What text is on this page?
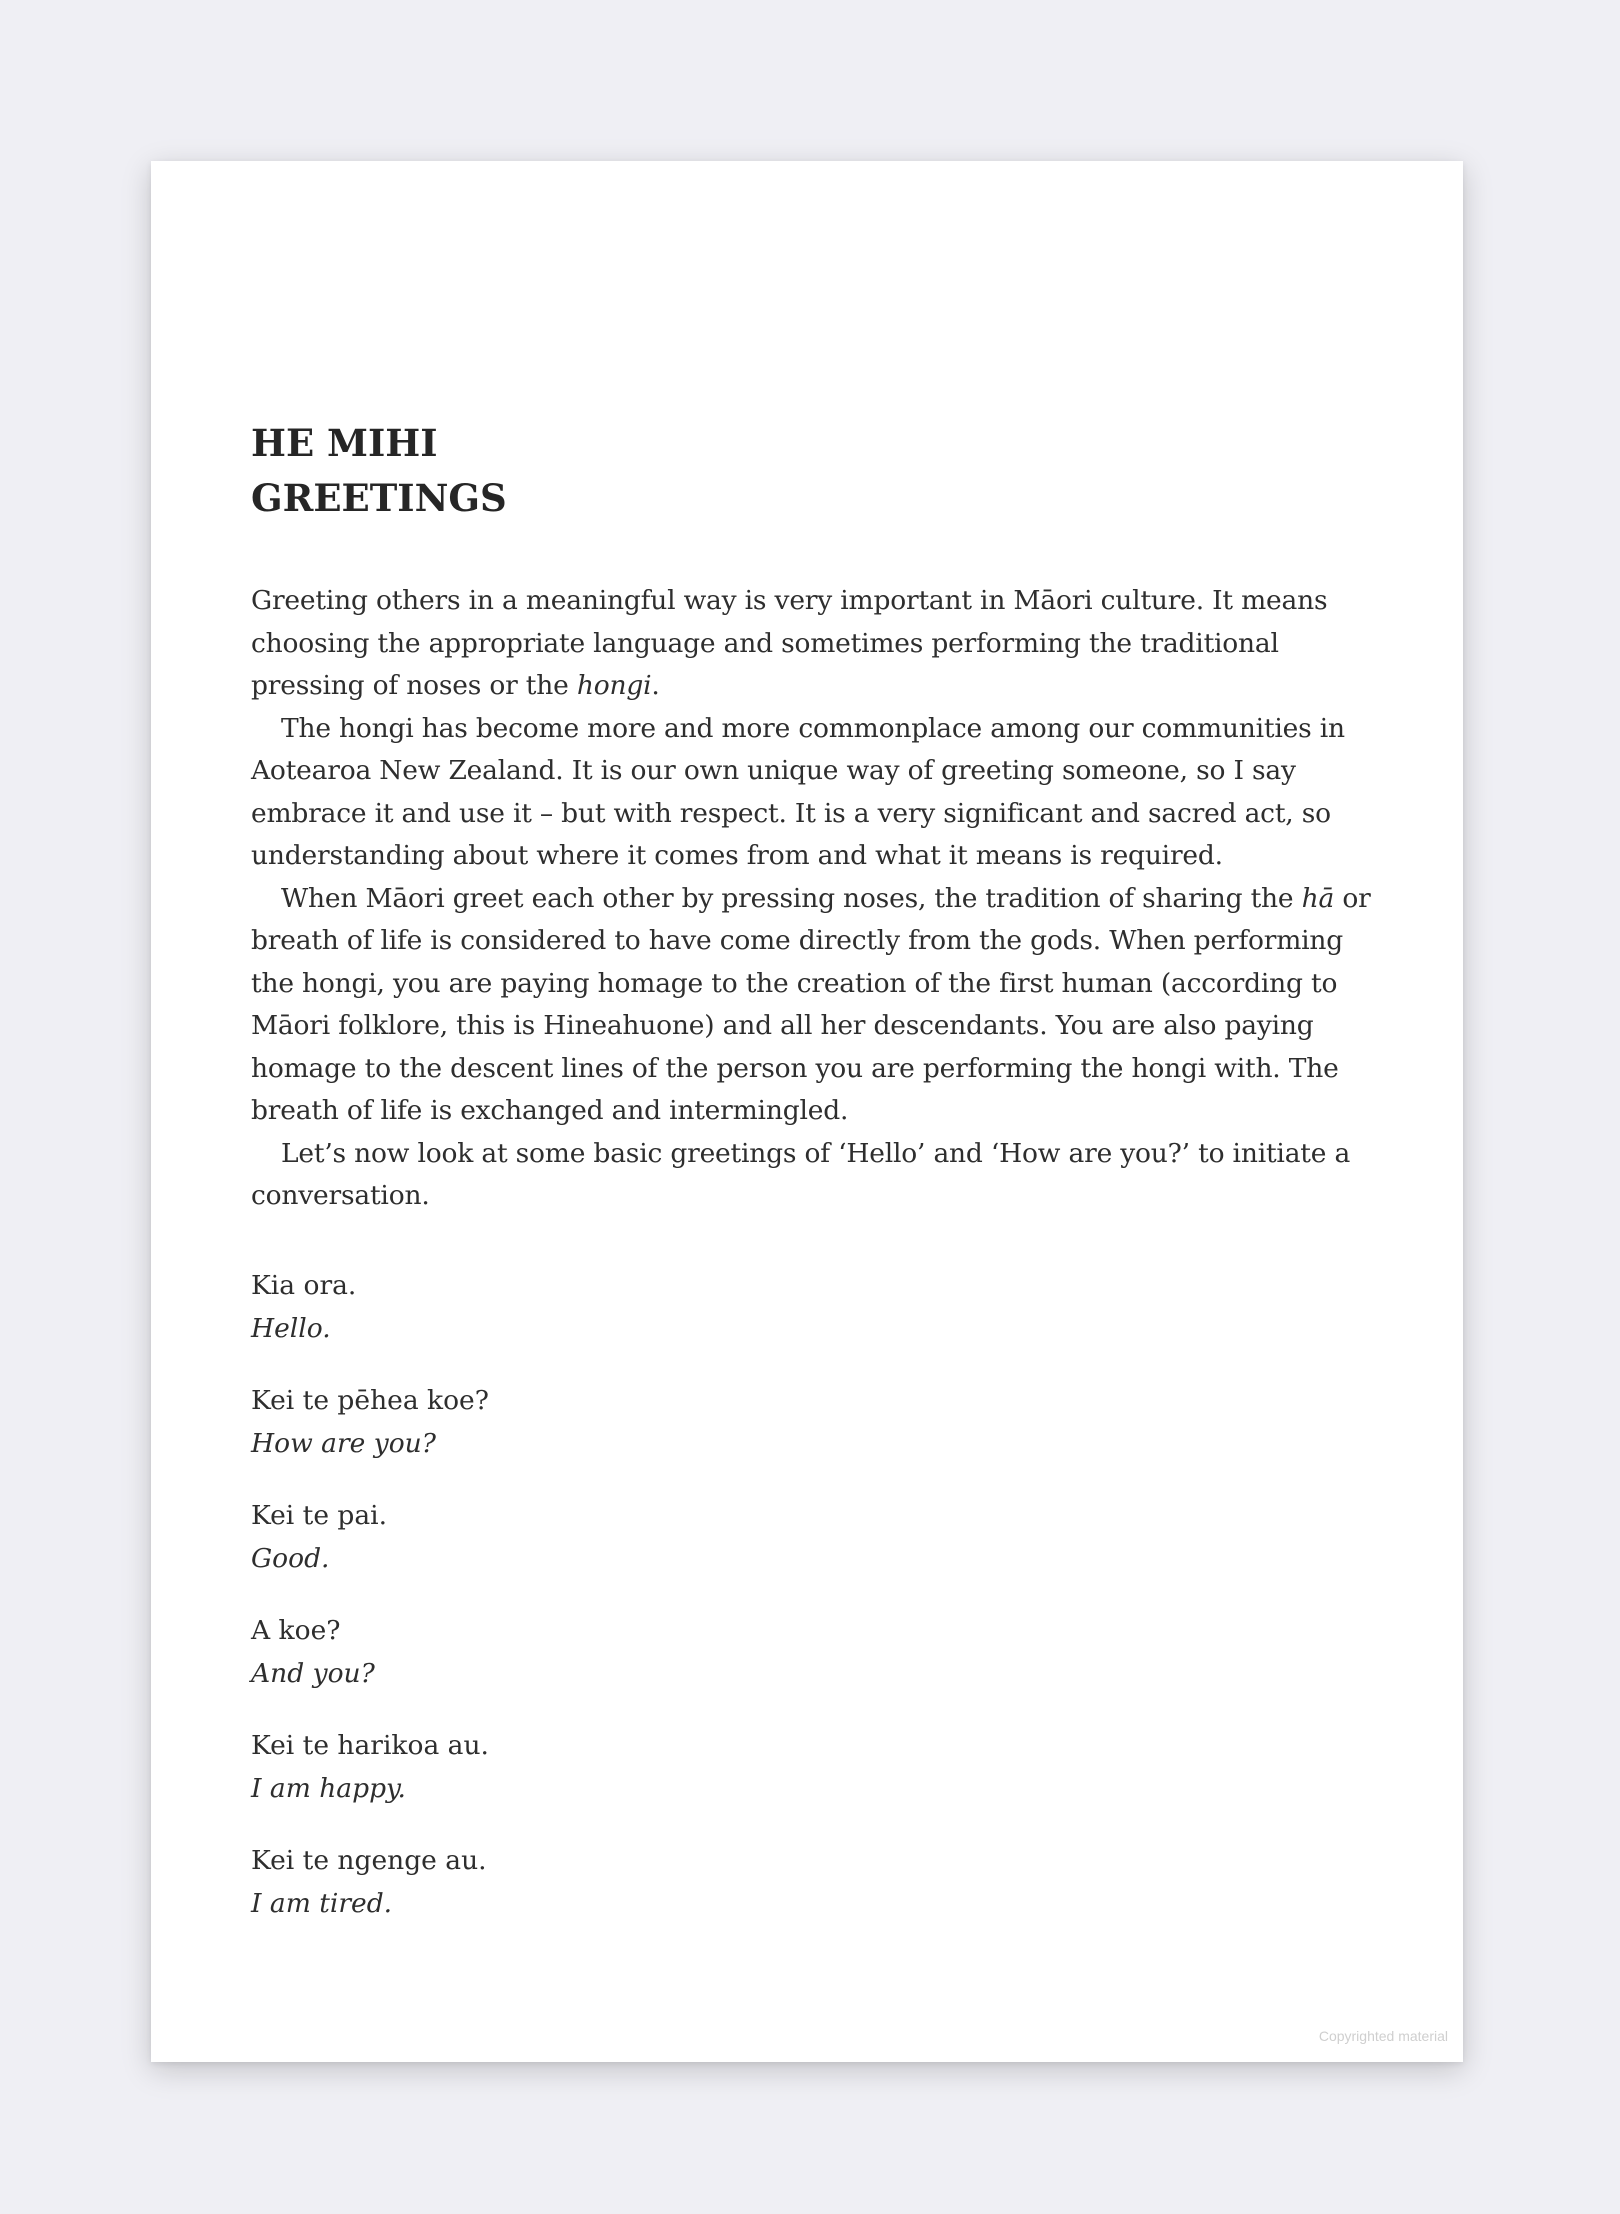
HE MIHI
GREETINGS

Greeting others in a meaningful way is very important in Māori culture. It means choosing the appropriate language and sometimes performing the traditional pressing of noses or the hongi.

The hongi has become more and more commonplace among our communities in Aotearoa New Zealand. It is our own unique way of greeting someone, so I say embrace it and use it – but with respect. It is a very significant and sacred act, so understanding about where it comes from and what it means is required.

When Māori greet each other by pressing noses, the tradition of sharing the hā or breath of life is considered to have come directly from the gods. When performing the hongi, you are paying homage to the creation of the first human (according to Māori folklore, this is Hineahuone) and all her descendants. You are also paying homage to the descent lines of the person you are performing the hongi with. The breath of life is exchanged and intermingled.

Let’s now look at some basic greetings of ‘Hello’ and ‘How are you?’ to initiate a conversation.

Kia ora.
Hello.
Kei te pēhea koe?
How are you?
Kei te pai.
Good.
A koe?
And you?
Kei te harikoa au.
I am happy.
Kei te ngenge au.
I am tired.
Copyrighted material
